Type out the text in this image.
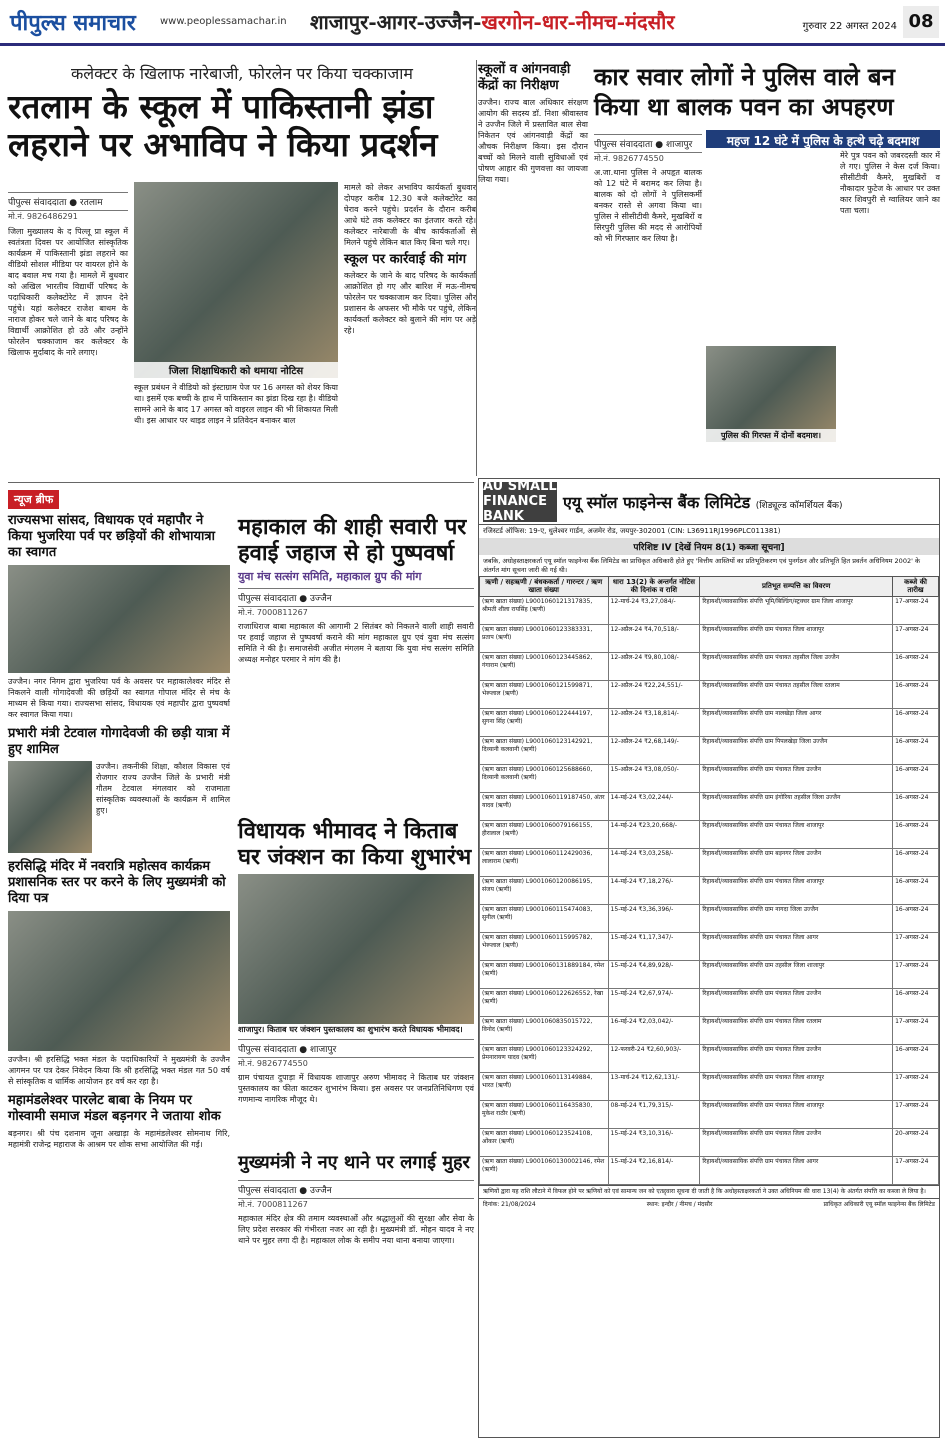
पीपुल्स समाचार	www.peoplessamachar.in	शाजापुर-आगर-उज्जैन-खरगोन-धार-नीमच-मंदसौर	गुरुवार 22 अगस्त 2024 08
कलेक्टर के खिलाफ नारेबाजी, फोरलेन पर किया चक्काजाम
रतलाम के स्कूल में पाकिस्तानी झंडा लहराने पर अभाविप ने किया प्रदर्शन
पीपुल्स संवाददाता ● रतलाम
मो.नं. 9826486291
जिला मुख्यालय के द पिल्लू प्रा स्कूल में स्वतंत्रता दिवस पर आयोजित सांस्कृतिक कार्यक्रम में पाकिस्तानी झंडा लहराने का वीडियो सोशल मीडिया पर वायरल होने के बाद बवाल मच गया है। मामले में बुधवार को अखिल भारतीय विद्यार्थी परिषद के पदाधिकारी कलेक्टोरेट में ज्ञापन देने पहुंचे। यहां कलेक्टर राजेश बाथम के नाराज होकर चले जाने के बाद परिषद के विद्यार्थी आक्रोशित हो उठे और उन्होंने फोरलेन चक्काजाम कर कलेक्टर के खिलाफ मुर्दाबाद के नारे लगाए।
जिला शिक्षाधिकारी को थमाया नोटिस
स्कूल प्रबंधन ने वीडियो को इंस्टाग्राम पेज पर 16 अगस्त को शेयर किया था। इसमें एक बच्ची के हाथ में पाकिस्तान का झंडा दिख रहा है। वीडियो सामने आने के बाद 17 अगस्त को वाइरल लाइन की भी शिकायत मिली थी। इस आधार पर थाइड लाइन ने प्रतिवेदन बनाकर बाल
मामले को लेकर अभाविप कार्यकर्ता बुधवार दोपहर करीब 12.30 बजे कलेक्टोरेट का घेराव करने पहुंचे। प्रदर्शन के दौरान करीब आधे घंटे तक कलेक्टर का इंतजार करते रहे। कलेक्टर नारेबाजी के बीच कार्यकर्ताओं से मिलने पहुंचे लेकिन बात किए बिना चले गए।
स्कूल पर कार्रवाई की मांग
कलेक्टर के जाने के बाद परिषद के कार्यकर्ता आक्रोशित हो गए और बारिश में मऊ-नीमच फोरलेन पर चक्काजाम कर दिया। पुलिस और प्रशासन के अफसर भी मौके पर पहुंचे, लेकिन कार्यकर्ता कलेक्टर को बुलाने की मांग पर अड़े रहे।
स्कूलों व आंगनवाड़ी केंद्रों का निरीक्षण
उज्जैन। राज्य बाल अधिकार संरक्षण आयोग की सदस्य डॉ. निशा श्रीवास्तव ने उज्जैन जिले में प्रस्तावित बाल सेवा निकेतन एवं आंगनवाड़ी केंद्रों का औचक निरीक्षण किया। इस दौरान बच्चों को मिलने वाली सुविधाओं एवं पोषण आहार की गुणवत्ता का जायजा लिया गया।
कार सवार लोगों ने पुलिस वाले बन किया था बालक पवन का अपहरण
महज 12 घंटे में पुलिस के हत्थे चढ़े बदमाश
पीपुल्स संवाददाता ● शाजापुर
मो.नं. 9826774550
अ.जा.थाना पुलिस ने अपहृत बालक को 12 घंटे में बरामद कर लिया है। बालक को दो लोगों ने पुलिसकर्मी बनकर रास्ते से अगवा किया था। पुलिस ने सीसीटीवी कैमरे, मुखबिरों व सिरपुरी पुलिस की मदद से आरोपियों को भी गिरफ्तार कर लिया है।
पुलिस की गिरफ्त में दोनों बदमाश।
मेरे पुत्र पवन को जबरदस्ती कार में ले गए। पुलिस ने केस दर्ज किया। सीसीटीवी कैमरे, मुखबिरों व नौकादार फुटेज के आधार पर उक्त कार शिवपुरी से ग्वालियर जाने का पता चला।
न्यूज ब्रीफ
राज्यसभा सांसद, विधायक एवं महापौर ने किया भुजरिया पर्व पर छड़ियों की शोभायात्रा का स्वागत
उज्जैन। नगर निगम द्वारा भुजरिया पर्व के अवसर पर महाकालेश्वर मंदिर से निकलने वाली गोगादेवजी की छड़ियों का स्वागत गोपाल मंदिर से मंच के माध्यम से किया गया। राज्यसभा सांसद, विधायक एवं महापौर द्वारा पुष्पवर्षा कर स्वागत किया गया।
प्रभारी मंत्री टेटवाल गोगादेवजी की छड़ी यात्रा में हुए शामिल
उज्जैन। तकनीकी शिक्षा, कौशल विकास एवं रोजगार राज्य उज्जैन जिले के प्रभारी मंत्री गौतम टेटवाल मंगलवार को राजमाता सांस्कृतिक व्यवस्थाओं के कार्यक्रम में शामिल हुए।
हरसिद्धि मंदिर में नवरात्रि महोत्सव कार्यक्रम प्रशासनिक स्तर पर करने के लिए मुख्यमंत्री को दिया पत्र
उज्जैन। श्री हरसिद्धि भक्त मंडल के पदाधिकारियों ने मुख्यमंत्री के उज्जैन आगमन पर पत्र देकर निवेदन किया कि श्री हरसिद्धि भक्त मंडल गत 50 वर्ष से सांस्कृतिक व धार्मिक आयोजन हर वर्ष कर रहा है।
महामंडलेश्वर पारलेट बाबा के नियम पर गोस्वामी समाज मंडल बड़नगर ने जताया शोक
बड़नगर। श्री पंच दशनाम जूना अखाड़ा के महामंडलेश्वर सोमनाथ गिरि, महामंत्री राजेन्द्र महाराज के आश्रम पर शोक सभा आयोजित की गई।
महाकाल की शाही सवारी पर हवाई जहाज से हो पुष्पवर्षा
युवा मंच सत्संग समिति, महाकाल ग्रुप की मांग
पीपुल्स संवाददाता ● उज्जैन
मो.नं. 7000811267
राजाधिराज बाबा महाकाल की आगामी 2 सितंबर को निकलने वाली शाही सवारी पर हवाई जहाज से पुष्पवर्षा कराने की मांग महाकाल ग्रुप एवं युवा मंच सत्संग समिति ने की है। समाजसेवी अजीत मंगलम ने बताया कि युवा मंच सत्संग समिति अध्यक्ष मनोहर परमार ने मांग की है।
विधायक भीमावद ने किताब घर जंक्शन का किया शुभारंभ
शाजापुर। किताब घर जंक्शन पुस्तकालय का शुभारंभ करते विधायक भीमावद।
पीपुल्स संवाददाता ● शाजापुर
मो.नं. 9826774550
ग्राम पंचायत दुपाड़ा में विधायक शाजापुर अरुण भीमावद ने किताब घर जंक्शन पुस्तकालय का फीता काटकर शुभारंभ किया। इस अवसर पर जनप्रतिनिधिगण एवं गणमान्य नागरिक मौजूद थे।
मुख्यमंत्री ने नए थाने पर लगाई मुहर
पीपुल्स संवाददाता ● उज्जैन
मो.नं. 7000811267
महाकाल मंदिर क्षेत्र की तमाम व्यवस्थाओं और श्रद्धालुओं की सुरक्षा और सेवा के लिए प्रदेश सरकार की गंभीरता नजर आ रही है। मुख्यमंत्री डॉ. मोहन यादव ने नए थाने पर मुहर लगा दी है। महाकाल लोक के समीप नया थाना बनाया जाएगा।
AU SMALL FINANCE BANK
एयू स्मॉल फाइनेन्स बैंक लिमिटेड (शिड्यूल्ड कॉमर्शियल बैंक)
रजिस्टर्ड ऑफिस: 19-ए, धुलेश्वर गार्डन, अजमेर रोड, जयपुर-302001 (CIN: L36911RJ1996PLC011381)
परिशिष्ट IV [देखें नियम 8(1) कब्जा सूचना]
जबकि, अधोहस्ताक्षरकर्ता एयू स्मॉल फाइनेन्स बैंक लिमिटेड का प्राधिकृत अधिकारी होते हुए 'वित्तीय आस्तियों का प्रतिभूतिकरण एवं पुनर्गठन और प्रतिभूति हित प्रवर्तन अधिनियम 2002' के अंतर्गत मांग सूचना जारी की गई थी।
ऋणी / सहऋणी / बंधककर्ता / गारन्टर / ऋण खाता संख्या	धारा 13(2) के अन्तर्गत नोटिस की दिनांक व राशि	प्रतिभूत सम्पत्ति का विवरण	कब्जे की तारीख
(ऋण खाता संख्या) L9001060121317835, श्रीमती शीला रायसिंह (ऋणी)	12-मार्च-24 ₹3,27,084/-	रिहायशी/व्यावसायिक संपत्ति भूमि/बिल्डिंग/स्ट्रक्चर ग्राम जिला शाजापुर	17-अगस्त-24
(ऋण खाता संख्या) L9001060123383331, प्रताप (ऋणी)	12-अप्रैल-24 ₹4,70,518/-	रिहायशी/व्यावसायिक संपत्ति ग्राम पंचायत जिला शाजापुर	17-अगस्त-24
(ऋण खाता संख्या) L9001060123445862, गंगाराम (ऋणी)	12-अप्रैल-24 ₹9,80,108/-	रिहायशी/व्यावसायिक संपत्ति ग्राम पंचायत तहसील जिला उज्जैन	16-अगस्त-24
(ऋण खाता संख्या) L9001060121599871, भेरूलाल (ऋणी)	12-अप्रैल-24 ₹22,24,551/-	रिहायशी/व्यावसायिक संपत्ति ग्राम पंचायत तहसील जिला रतलाम	16-अगस्त-24
(ऋण खाता संख्या) L9001060122444197, सुगना सिंह (ऋणी)	12-अप्रैल-24 ₹3,18,814/-	रिहायशी/व्यावसायिक संपत्ति ग्राम नालखेड़ा जिला आगर	16-अगस्त-24
(ऋण खाता संख्या) L9001060123142921, दिव्यानी कलवानी (ऋणी)	12-अप्रैल-24 ₹2,68,149/-	रिहायशी/व्यावसायिक संपत्ति ग्राम पिपलखेड़ा जिला उज्जैन	16-अगस्त-24
(ऋण खाता संख्या) L9001060125688660, दिव्यानी कलवानी (ऋणी)	15-अप्रैल-24 ₹3,08,050/-	रिहायशी/व्यावसायिक संपत्ति ग्राम पंचायत जिला उज्जैन	16-अगस्त-24
(ऋण खाता संख्या) L9001060119187450, अंतर यादव (ऋणी)	14-मई-24 ₹3,02,244/-	रिहायशी/व्यावसायिक संपत्ति ग्राम इंगोरिया तहसील जिला उज्जैन	16-अगस्त-24
(ऋण खाता संख्या) L9001060079166155, हीरालाल (ऋणी)	14-मई-24 ₹23,20,668/-	रिहायशी/व्यावसायिक संपत्ति ग्राम पंचायत जिला शाजापुर	16-अगस्त-24
(ऋण खाता संख्या) L9001060112429036, लालाराम (ऋणी)	14-मई-24 ₹3,03,258/-	रिहायशी/व्यावसायिक संपत्ति ग्राम बड़नगर जिला उज्जैन	16-अगस्त-24
(ऋण खाता संख्या) L9001060120086195, संजय (ऋणी)	14-मई-24 ₹7,18,276/-	रिहायशी/व्यावसायिक संपत्ति ग्राम पंचायत जिला शाजापुर	16-अगस्त-24
(ऋण खाता संख्या) L9001060115474083, सुनील (ऋणी)	15-मई-24 ₹3,36,396/-	रिहायशी/व्यावसायिक संपत्ति ग्राम नागदा जिला उज्जैन	16-अगस्त-24
(ऋण खाता संख्या) L9001060115995782, भेरूलाल (ऋणी)	15-मई-24 ₹1,17,347/-	रिहायशी/व्यावसायिक संपत्ति ग्राम पंचायत जिला आगर	17-अगस्त-24
(ऋण खाता संख्या) L9001060131889184, रमेश (ऋणी)	15-मई-24 ₹4,89,928/-	रिहायशी/व्यावसायिक संपत्ति ग्राम तहसील जिला शाजापुर	17-अगस्त-24
(ऋण खाता संख्या) L9001060122626552, रेखा (ऋणी)	15-मई-24 ₹2,67,974/-	रिहायशी/व्यावसायिक संपत्ति ग्राम पंचायत जिला उज्जैन	16-अगस्त-24
(ऋण खाता संख्या) L9001060835015722, विनोद (ऋणी)	16-मई-24 ₹2,03,042/-	रिहायशी/व्यावसायिक संपत्ति ग्राम पंचायत जिला रतलाम	17-अगस्त-24
(ऋण खाता संख्या) L9001060123324292, प्रेमनारायण यादव (ऋणी)	12-फरवरी-24 ₹2,60,903/-	रिहायशी/व्यावसायिक संपत्ति ग्राम पंचायत जिला उज्जैन	16-अगस्त-24
(ऋण खाता संख्या) L9001060113149884, भारत (ऋणी)	13-मार्च-24 ₹12,62,131/-	रिहायशी/व्यावसायिक संपत्ति ग्राम पंचायत जिला शाजापुर	17-अगस्त-24
(ऋण खाता संख्या) L9001060116435830, मुकेश राठौर (ऋणी)	08-मई-24 ₹1,79,315/-	रिहायशी/व्यावसायिक संपत्ति ग्राम पंचायत जिला शाजापुर	17-अगस्त-24
(ऋण खाता संख्या) L9001060123524108, ओंकार (ऋणी)	15-मई-24 ₹3,10,316/-	रिहायशी/व्यावसायिक संपत्ति ग्राम पंचायत जिला उज्जैन	20-अगस्त-24
(ऋण खाता संख्या) L9001060130002146, रमेश (ऋणी)	15-मई-24 ₹2,16,814/-	रिहायशी/व्यावसायिक संपत्ति ग्राम पंचायत जिला आगर	17-अगस्त-24
ऋणियों द्वारा यह राशि लौटाने में विफल होने पर ऋणियों को एवं सामान्य जन को एतद्द्वारा सूचना दी जाती है कि अधोहस्ताक्षरकर्ता ने उक्त अधिनियम की धारा 13(4) के अंतर्गत संपत्ति का कब्जा ले लिया है।
दिनांक: 21/08/2024	स्थान: इन्दौर / नीमच / मंदसौर	प्राधिकृत अधिकारी एयू स्मॉल फाइनेन्स बैंक लिमिटेड
